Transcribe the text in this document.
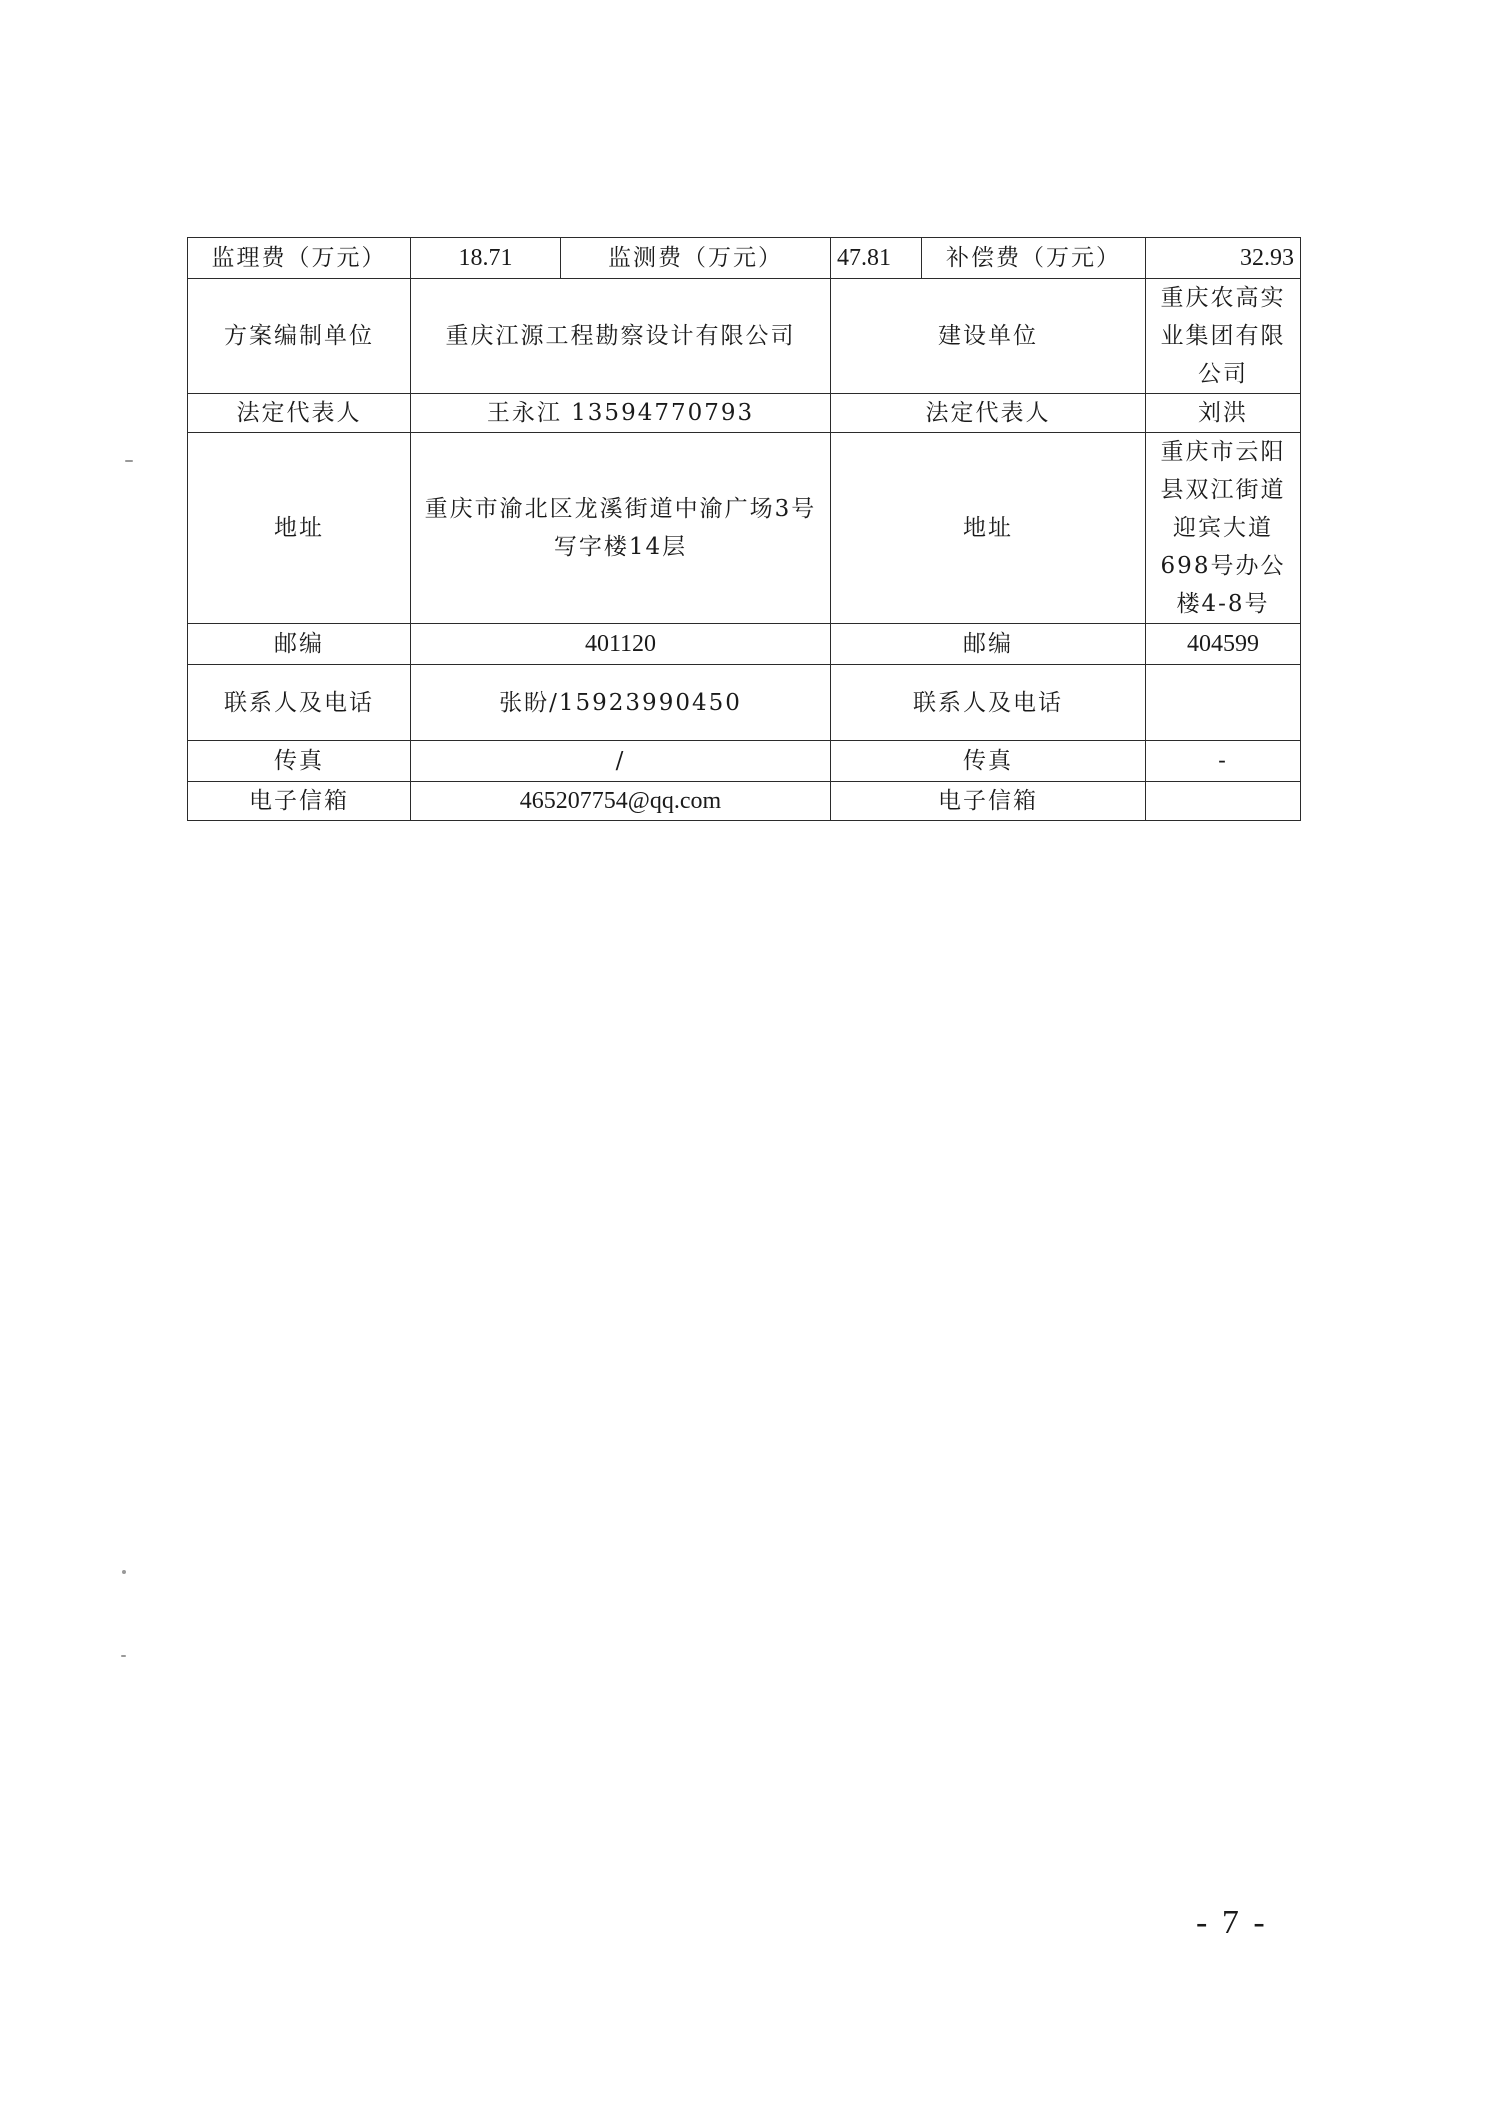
监理费（万元）	18.71	监测费（万元）	47.81	补偿费（万元）	32.93
方案编制单位	重庆江源工程勘察设计有限公司		建设单位		重庆农高实业集团有限公司
法定代表人	王永江 13594770793		法定代表人		刘洪
地址	重庆市渝北区龙溪街道中渝广场3号写字楼14层		地址		重庆市云阳县双江街道迎宾大道698号办公楼4-8号
邮编	401120		邮编		404599
联系人及电话	张盼/15923990450		联系人及电话		
传真	/		传真		-
电子信箱	465207754@qq.com		电子信箱		
- 7 -
